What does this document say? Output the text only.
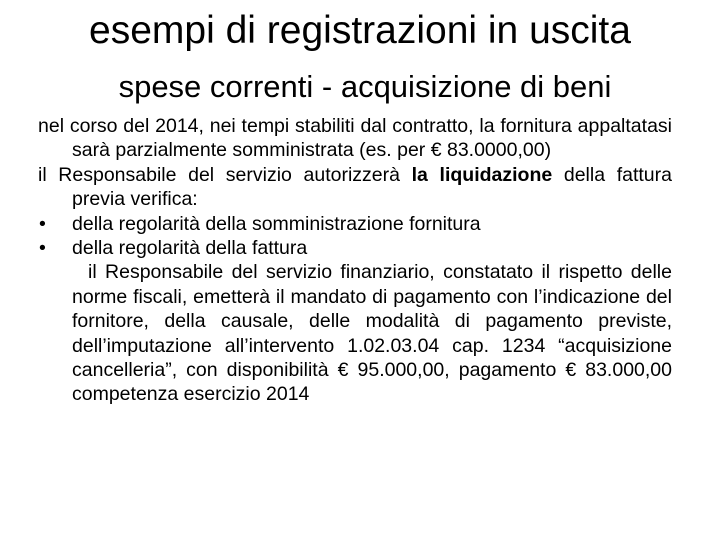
esempi di registrazioni in uscita
spese correnti - acquisizione di beni

nel corso del 2014, nei tempi stabiliti dal contratto, la fornitura appaltatasi sarà parzialmente somministrata (es. per € 83.0000,00)

il Responsabile del servizio autorizzerà la liquidazione della fattura previa verifica:

• della regolarità della somministrazione fornitura

• della regolarità della fattura

il Responsabile del servizio finanziario, constatato il rispetto delle norme fiscali, emetterà il mandato di pagamento con l’indicazione del fornitore, della causale, delle modalità di pagamento previste, dell’imputazione all’intervento 1.02.03.04 cap. 1234 “acquisizione cancelleria”, con disponibilità € 95.000,00, pagamento € 83.000,00 competenza esercizio 2014
